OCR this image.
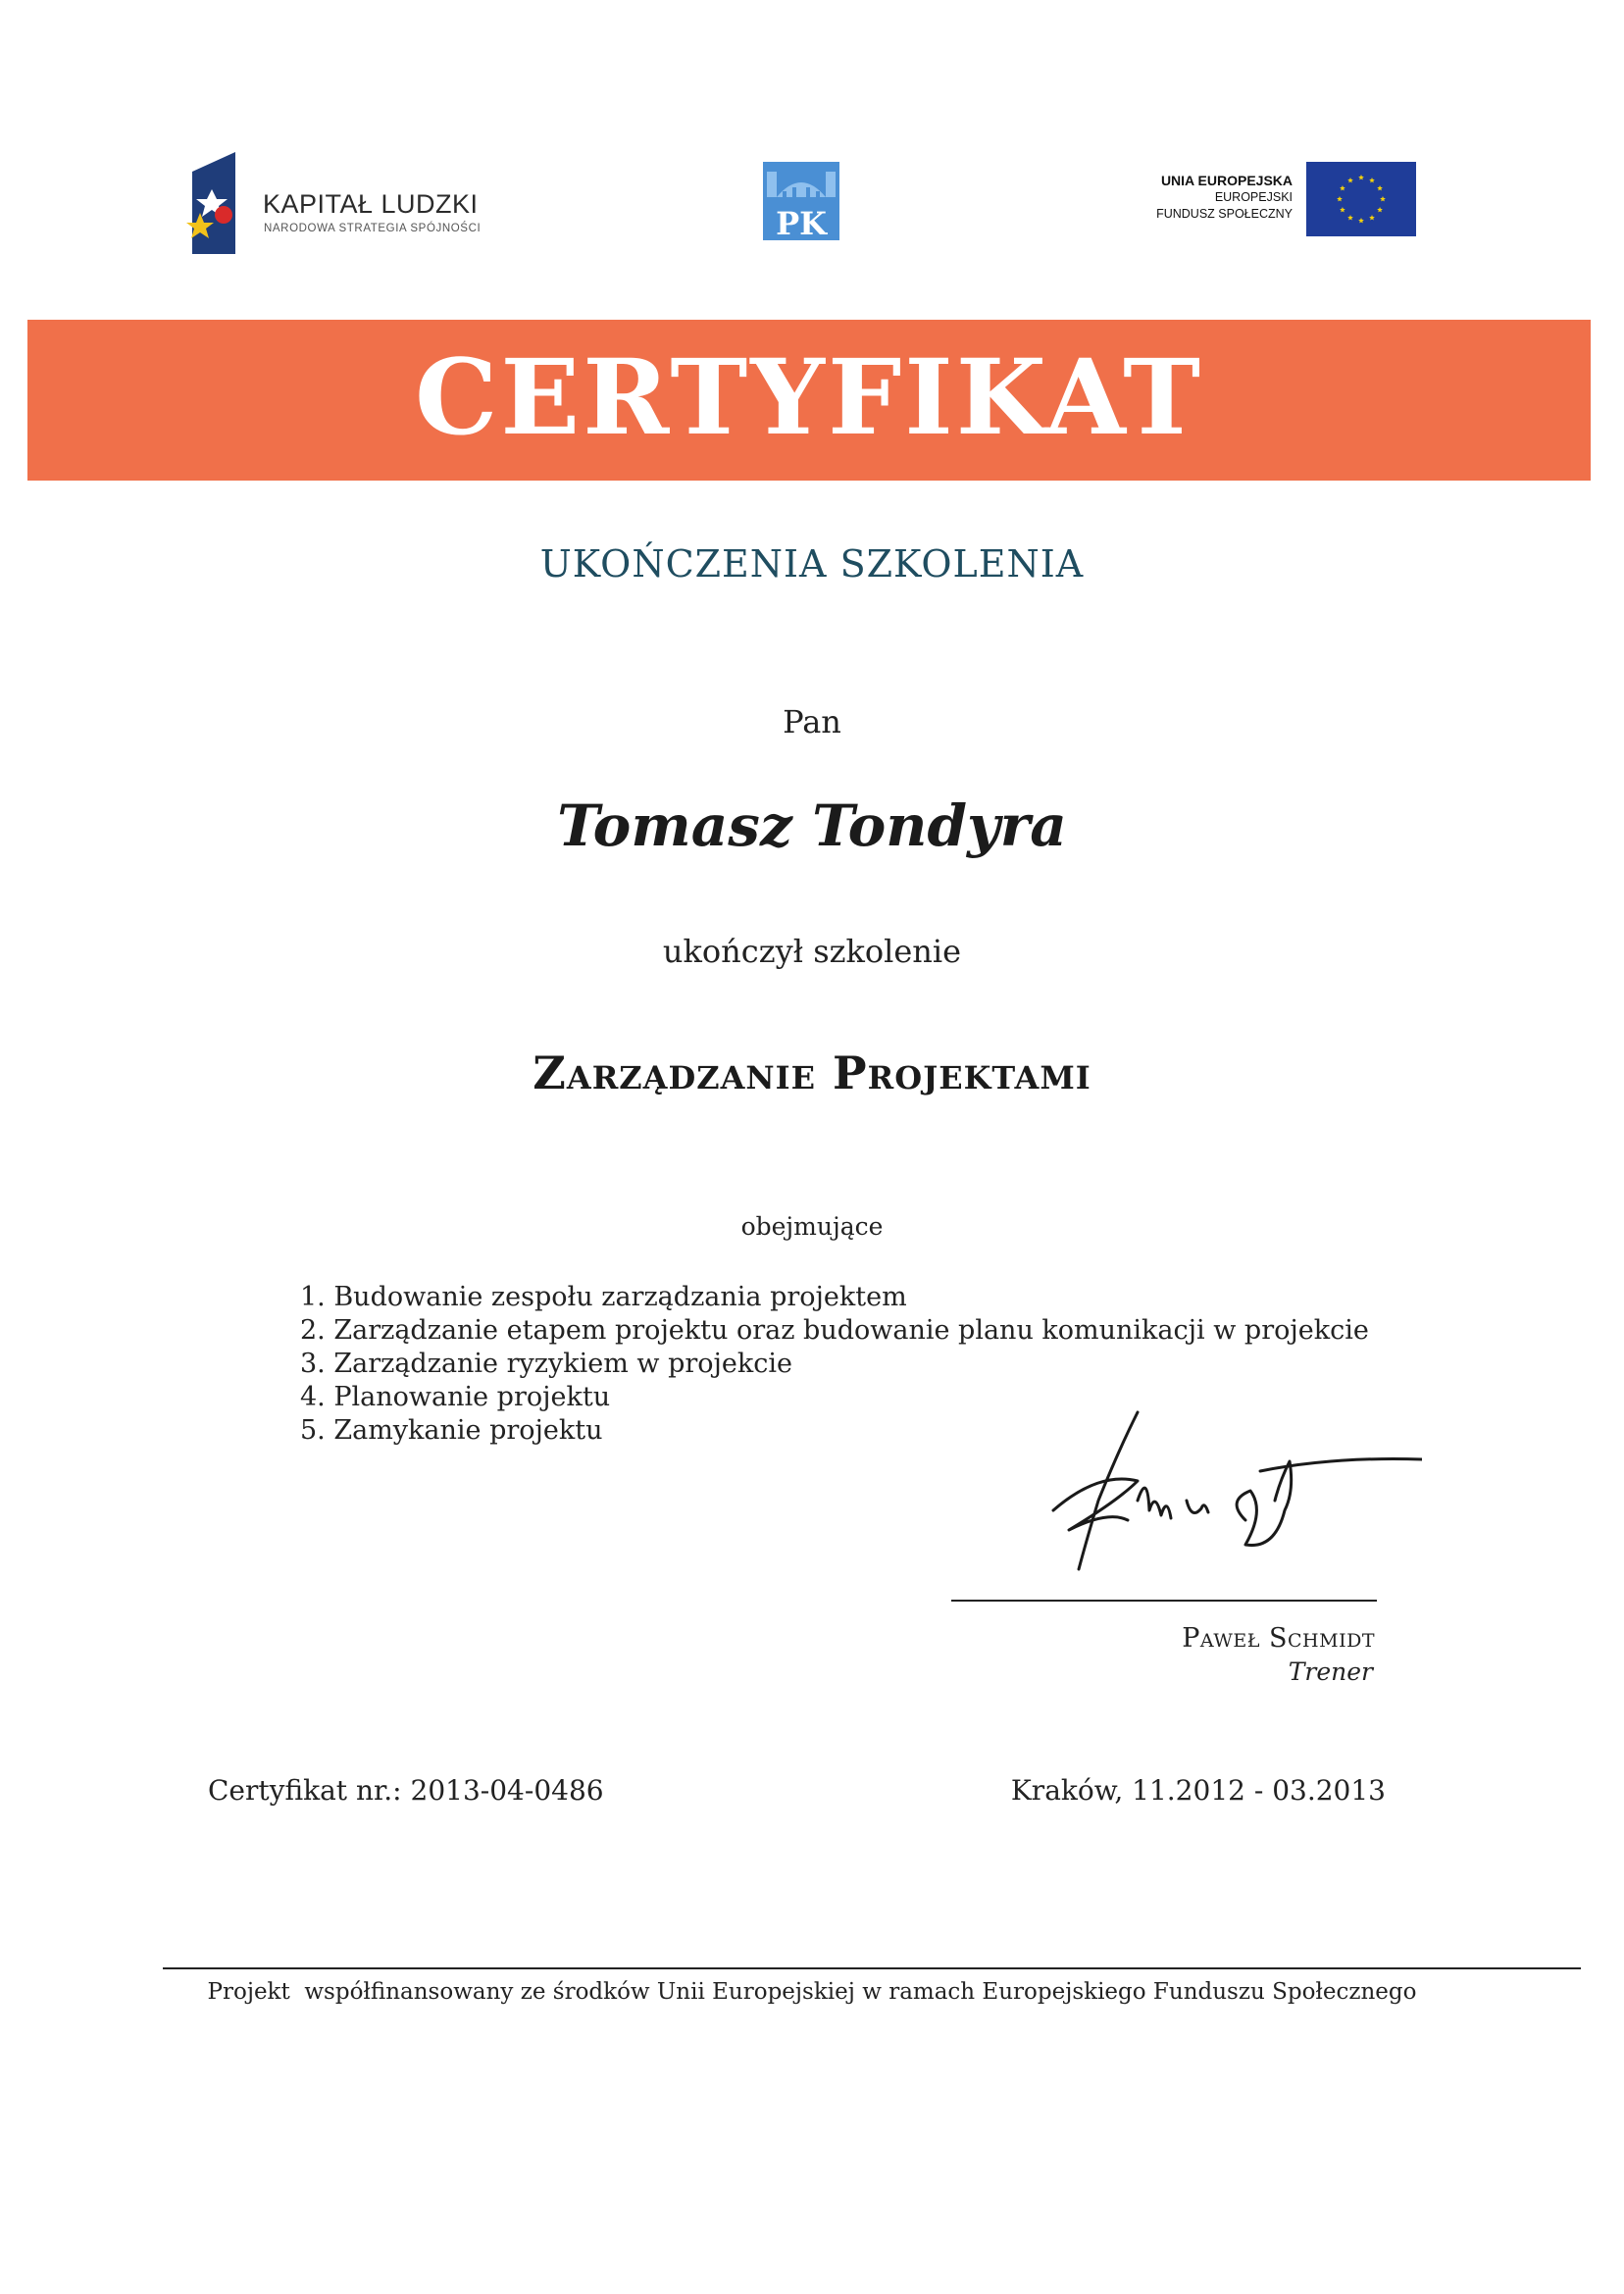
KAPITAŁ LUDZKI
NARODOWA STRATEGIA SPÓJNOŚCI	PK
UNIA EUROPEJSKA
EUROPEJSKI
FUNDUSZ SPOŁECZNY
CERTYFIKAT
UKOŃCZENIA SZKOLENIA
Pan
Tomasz Tondyra
ukończył szkolenie
Zarządzanie Projektami
obejmujące
1. Budowanie zespołu zarządzania projektem
2. Zarządzanie etapem projektu oraz budowanie planu komunikacji w projekcie
3. Zarządzanie ryzykiem w projekcie
4. Planowanie projektu
5. Zamykanie projektu
Paweł Schmidt
Trener
Certyfikat nr.: 2013-04-0486	Kraków, 11.2012 - 03.2013
Projekt  współfinansowany ze środków Unii Europejskiej w ramach Europejskiego Funduszu Społecznego
